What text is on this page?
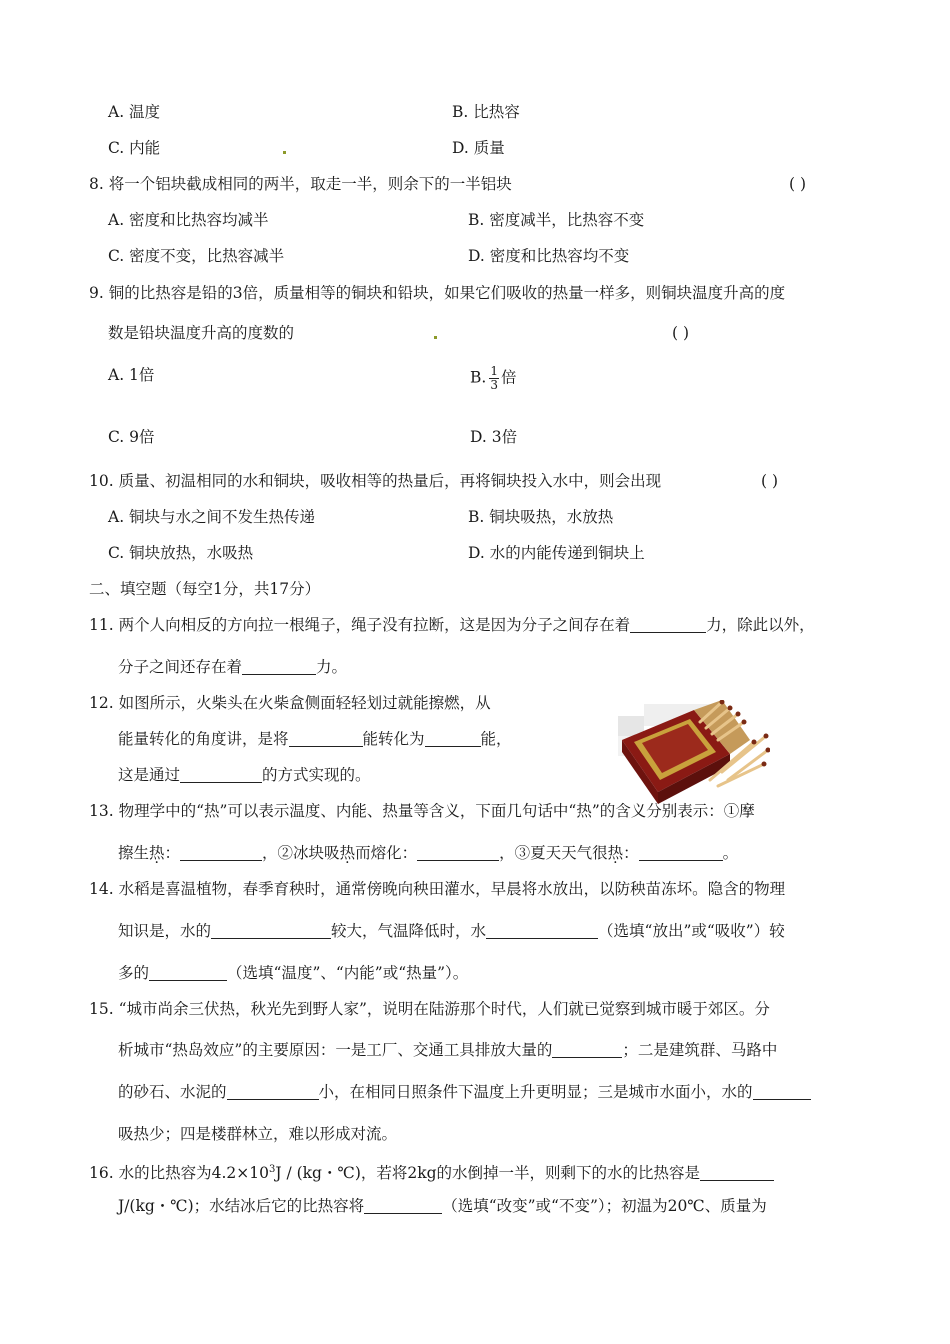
A. 温度	B. 比热容
C. 内能	D. 质量
8. 将一个铝块截成相同的两半，取走一半，则余下的一半铝块	( )
A. 密度和比热容均减半	B. 密度减半，比热容不变
C. 密度不变，比热容减半	D. 密度和比热容均不变
9. 铜的比热容是铅的3倍，质量相等的铜块和铅块，如果它们吸收的热量一样多，则铜块温度升高的度
数是铅块温度升高的度数的	( )
A. 1倍	B. $\frac{1}{3}$ 倍
C. 9倍	D. 3倍
10. 质量、初温相同的水和铜块，吸收相等的热量后，再将铜块投入水中，则会出现	( )
A. 铜块与水之间不发生热传递	B. 铜块吸热，水放热
C. 铜块放热，水吸热	D. 水的内能传递到铜块上
二、填空题（每空1分，共17分）
11. 两个人向相反的方向拉一根绳子，绳子没有拉断，这是因为分子之间存在着	力，除此以外，
分子之间还存在着	力。
12. 如图所示，火柴头在火柴盒侧面轻轻划过就能擦燃，从
能量转化的角度讲，是将	能转化为	能，
这是通过	的方式实现的。
13. 物理学中的“热”可以表示温度、内能、热量等含义，下面几句话中“热”的含义分别表示：①摩
擦生热：	，②冰块吸热而熔化：	，③夏天天气很热：	。
14. 水稻是喜温植物，春季育秧时，通常傍晚向秧田灌水，早晨将水放出，以防秧苗冻坏。隐含的物理
知识是，水的	较大，气温降低时，水	（选填“放出”或“吸收”）较
多的	（选填“温度”、“内能”或“热量”）。
15. “城市尚余三伏热，秋光先到野人家”，说明在陆游那个时代，人们就已觉察到城市暖于郊区。分
析城市“热岛效应”的主要原因：一是工厂、交通工具排放大量的	；二是建筑群、马路中
的砂石、水泥的	小，在相同日照条件下温度上升更明显；三是城市水面小，水的
吸热少；四是楼群林立，难以形成对流。
16. 水的比热容为$4.2\times 10^3J / (kg$・℃)，若将2kg的水倒掉一半，则剩下的水的比热容是
J/(kg・℃)；水结冰后它的比热容将	（选填“改变”或“不变”）；初温为20℃、质量为
